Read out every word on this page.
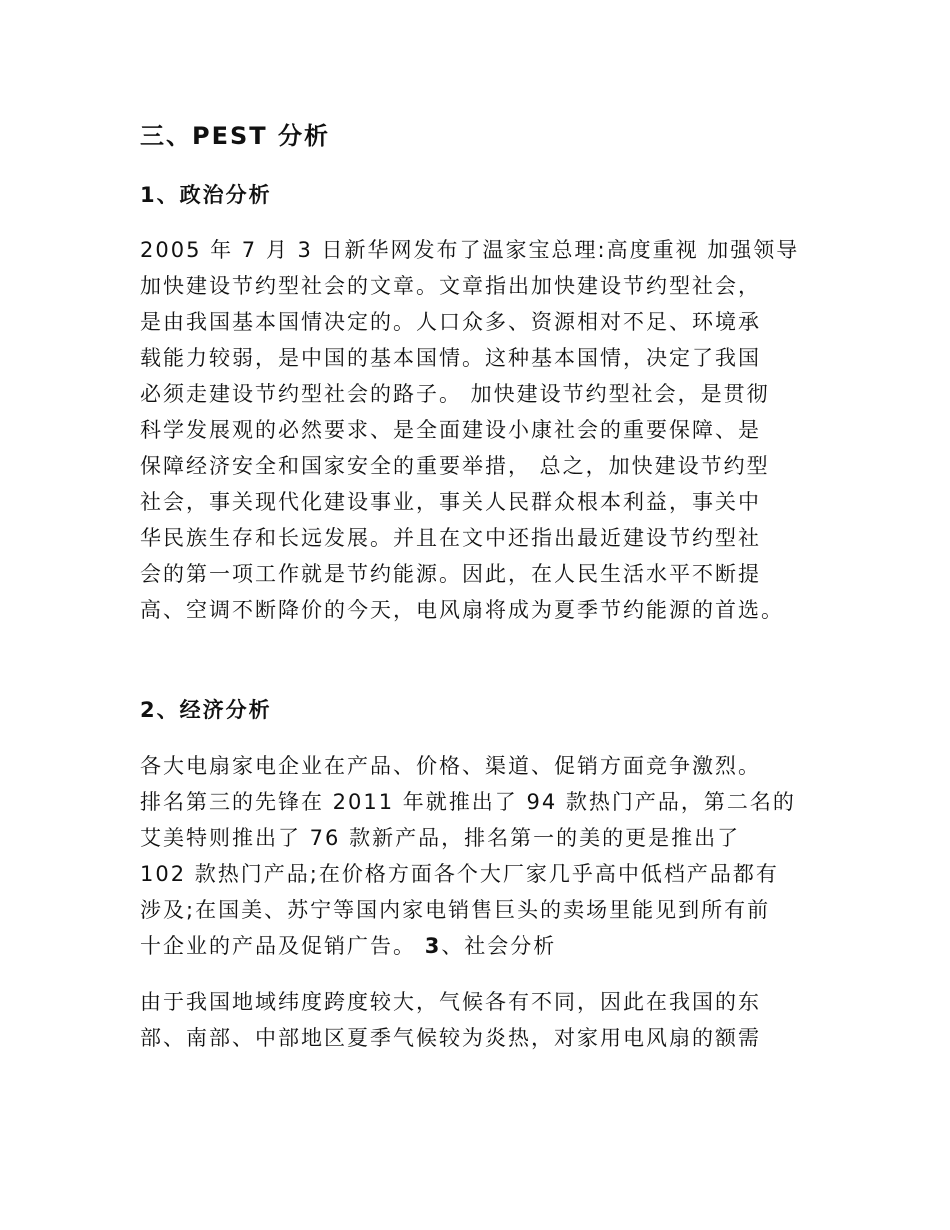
三、PEST 分析
1、政治分析

2005 年 7 月 3 日新华网发布了温家宝总理:高度重视 加强领导

加快建设节约型社会的文章。文章指出加快建设节约型社会，

是由我国基本国情决定的。人口众多、资源相对不足、环境承

载能力较弱，是中国的基本国情。这种基本国情，决定了我国

必须走建设节约型社会的路子。 加快建设节约型社会，是贯彻

科学发展观的必然要求、是全面建设小康社会的重要保障、是

保障经济安全和国家安全的重要举措， 总之，加快建设节约型

社会，事关现代化建设事业，事关人民群众根本利益，事关中

华民族生存和长远发展。并且在文中还指出最近建设节约型社

会的第一项工作就是节约能源。因此，在人民生活水平不断提

高、空调不断降价的今天，电风扇将成为夏季节约能源的首选。

2、经济分析

各大电扇家电企业在产品、价格、渠道、促销方面竞争激烈。

排名第三的先锋在 2011 年就推出了 94 款热门产品，第二名的

艾美特则推出了 76 款新产品，排名第一的美的更是推出了

102 款热门产品;在价格方面各个大厂家几乎高中低档产品都有

涉及;在国美、苏宁等国内家电销售巨头的卖场里能见到所有前

十企业的产品及促销广告。 3、社会分析

由于我国地域纬度跨度较大，气候各有不同，因此在我国的东

部、南部、中部地区夏季气候较为炎热，对家用电风扇的额需
